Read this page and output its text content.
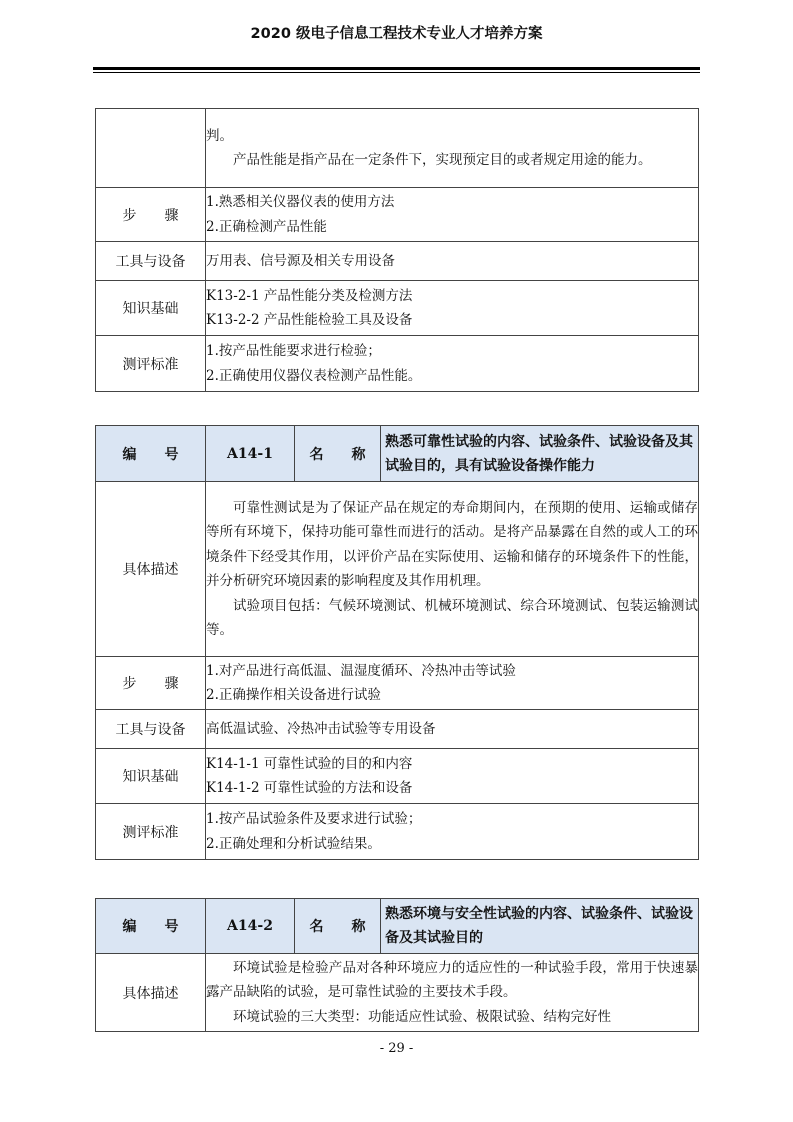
2020 级电子信息工程技术专业人才培养方案

	判。
产品性能是指产品在一定条件下，实现预定目的或者规定用途的能力。

步　　骤	1.熟悉相关仪器仪表的使用方法
2.正确检测产品性能

工具与设备	万用表、信号源及相关专用设备
知识基础	K13-2-1 产品性能分类及检测方法
K13-2-2 产品性能检验工具及设备

测评标准	1.按产品性能要求进行检验；
2.正确使用仪器仪表检测产品性能。
编　　号	A14-1	名　　称	熟悉可靠性试验的内容、试验条件、试验设备及其试验目的，具有试验设备操作能力
具体描述	可靠性测试是为了保证产品在规定的寿命期间内，在预期的使用、运输或储存等所有环境下，保持功能可靠性而进行的活动。是将产品暴露在自然的或人工的环境条件下经受其作用，以评价产品在实际使用、运输和储存的环境条件下的性能，并分析研究环境因素的影响程度及其作用机理。
试验项目包括：气候环境测试、机械环境测试、综合环境测试、包装运输测试等。		

步　　骤	1.对产品进行高低温、温湿度循环、冷热冲击等试验
2.正确操作相关设备进行试验		

工具与设备	高低温试验、冷热冲击试验等专用设备		
知识基础	K14-1-1 可靠性试验的目的和内容
K14-1-2 可靠性试验的方法和设备		

测评标准	1.按产品试验条件及要求进行试验；
2.正确处理和分析试验结果。		
编　　号	A14-2	名　　称	熟悉环境与安全性试验的内容、试验条件、试验设备及其试验目的
具体描述	环境试验是检验产品对各种环境应力的适应性的一种试验手段，常用于快速暴露产品缺陷的试验，是可靠性试验的主要技术手段。
环境试验的三大类型：功能适应性试验、极限试验、结构完好性		
- 29 -
